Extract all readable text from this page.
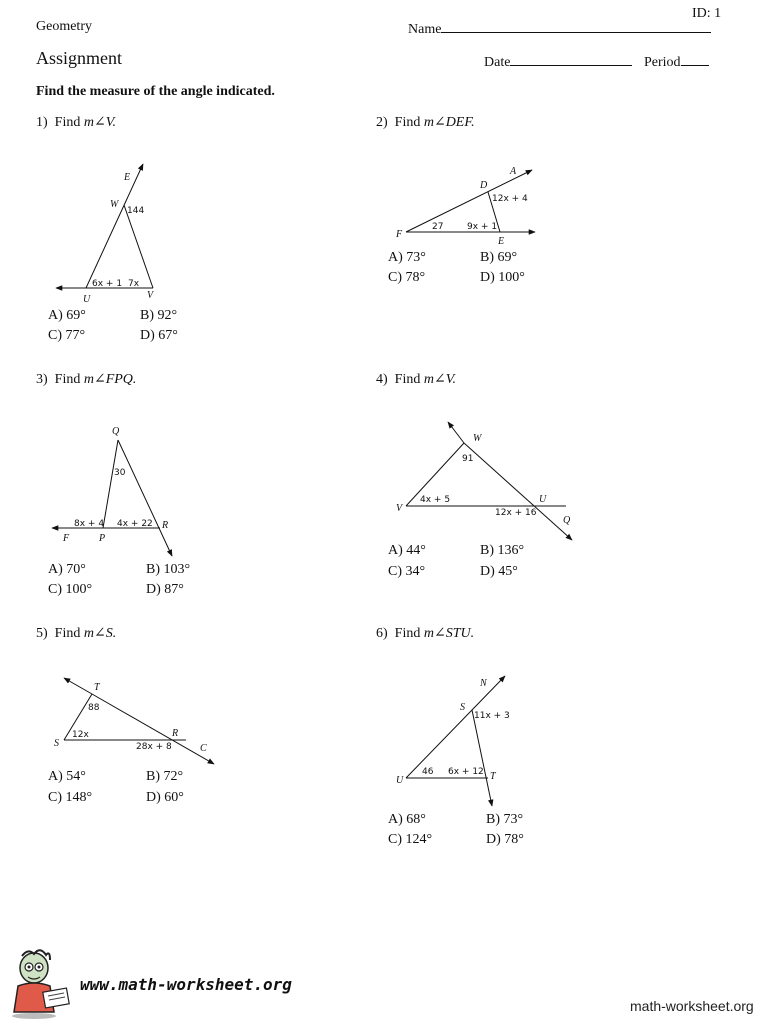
ID: 1
Geometry	Name
Assignment	Date	Period
Find the measure of the angle indicated.
1) Find m∠V.
E
W
U	V
144
6x + 1 7x
A
D
F
E
12x + 4
27	9x + 1
Q
R
F	P
30
8x + 4 4x + 22
W
V
U
Q
91
4x + 5
12x + 16
T
S
R
C
88
12x
28x + 8
N
S
U	T
11x + 3
46 6x + 12
A) 69°	B) 92°
C) 77°	D) 67°
2) Find m∠DEF.
A) 73°	B) 69°
C) 78°	D) 100°
3) Find m∠FPQ.
A) 70°	B) 103°
C) 100°	D) 87°
4) Find m∠V.
A) 44°	B) 136°
C) 34°	D) 45°
5) Find m∠S.
A) 54°	B) 72°
C) 148°	D) 60°
6) Find m∠STU.
A) 68°	B) 73°
C) 124°	D) 78°
www.math-worksheet.org
math-worksheet.org
